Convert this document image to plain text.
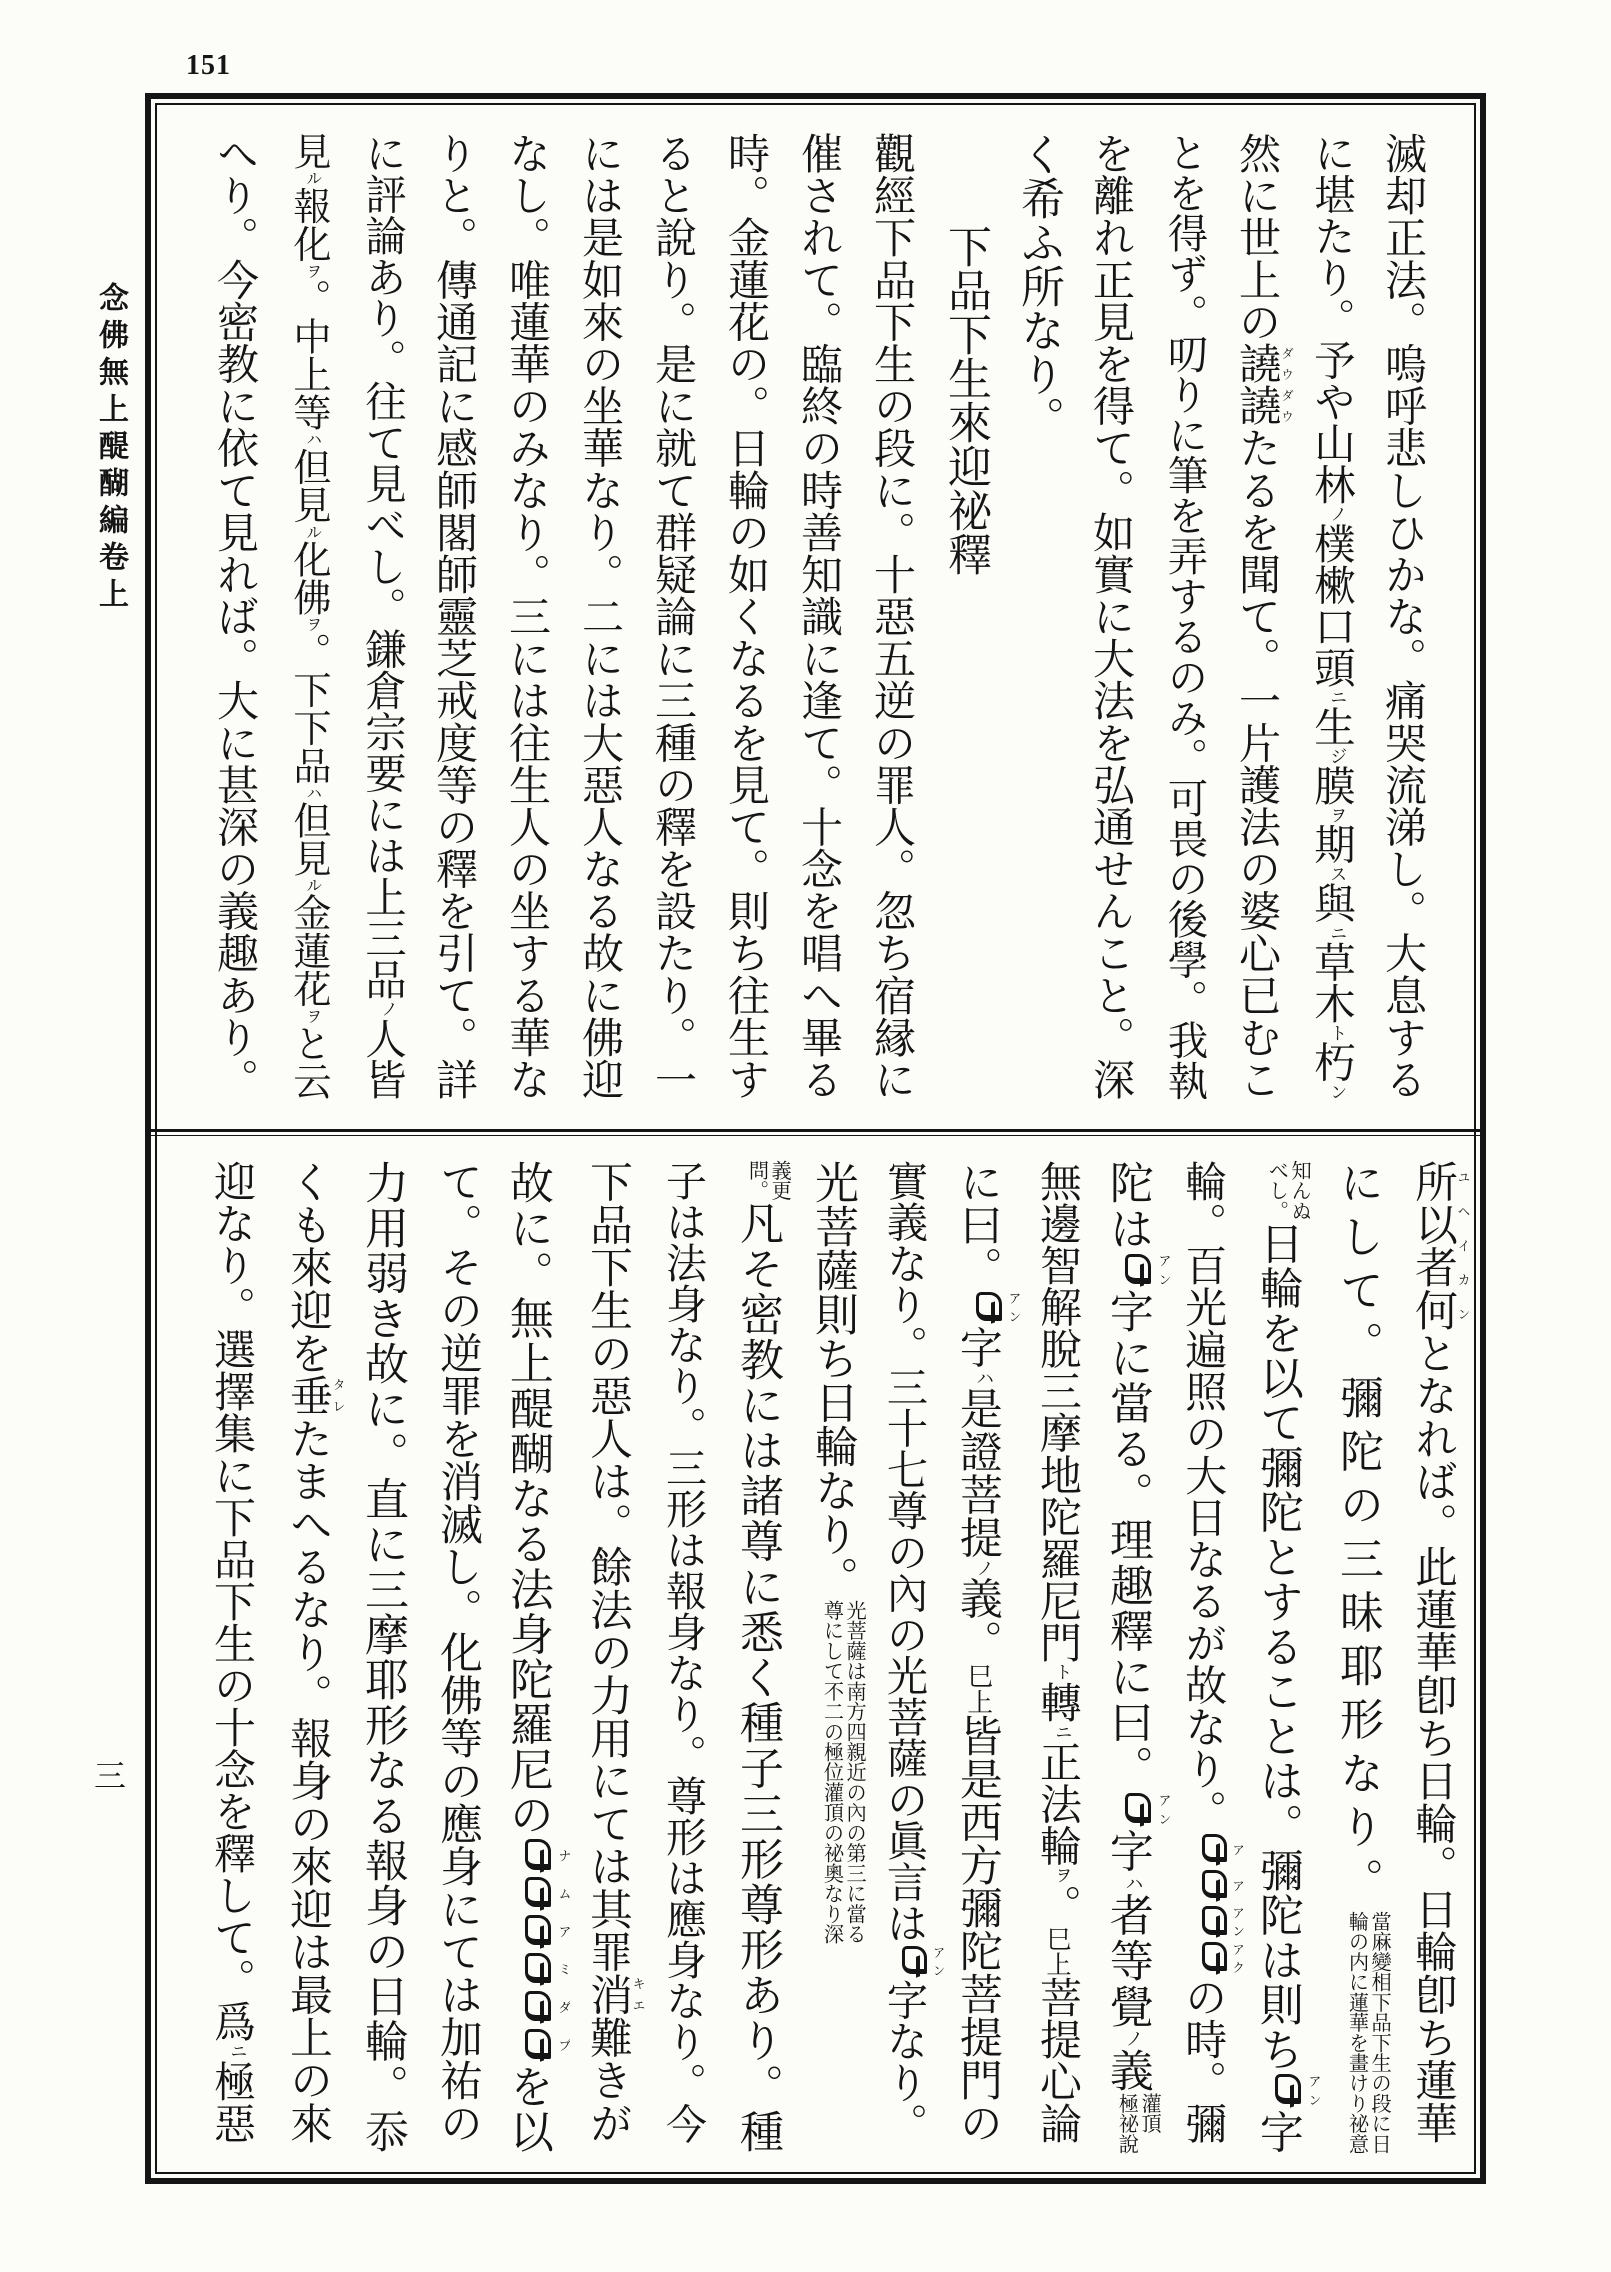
151
念佛無上醍醐編卷上
三
滅却正法。嗚呼悲しひかな。痛哭流涕し。大息する
に堪たり。予や山林ノ樸樕口頭ニ生ジ膜ヲ期ス與ニ草木ト朽ン
然に世上の譊譊ダウダウたるを聞て。一片護法の婆心已むこ
とを得ず。叨りに筆を弄するのみ。可畏の後學。我執
を離れ正見を得て。如實に大法を弘通せんこと。深
く希ふ所なり。
下品下生來迎祕釋
觀經下品下生の段に。十惡五逆の罪人。忽ち宿縁に
催されて。臨終の時善知識に逢て。十念を唱へ畢る
時。金蓮花の。日輪の如くなるを見て。則ち往生す
ると說り。是に就て群疑論に三種の釋を設たり。一
には是如來の坐華なり。二には大惡人なる故に佛迎
なし。唯蓮華のみなり。三には往生人の坐する華な
りと。傳通記に感師閣師靈芝戒度等の釋を引て。詳
に評論あり。往て見べし。鎌倉宗要には上三品ノ人皆
見ル報化ヲ。中上等ハ但見ル化佛ヲ。下下品ハ但見ル金蓮花ヲと云
へり。今密教に依て見れば。大に甚深の義趣あり。
所以者何ユヘイカンとなれば。此蓮華卽ち日輪。日輪卽ち蓮華
にして。彌陀の三昧耶形なり。
當麻變相下品下生の段に日
輪の内に蓮華を畫けり祕意
知んぬ
べし。
日輪を以て彌陀とすることは。彌陀は則ちアン字
輪。百光遍照の大日なるが故なり。アアアンアクの時。彌
陀はアン字に當る。理趣釋に曰。アン字ハ者等覺ノ義
灌頂
極祕說
無邊智解脫三摩地陀羅尼門ト轉ニ正法輪ヲ。巳上菩提心論
に曰。アン字ハ是證菩提ノ義。巳上皆是西方彌陀菩提門の
實義なり。三十七尊の內の光菩薩の眞言はアン字なり。
光菩薩則ち日輪なり。
光菩薩は南方四親近の內の第三に當る
尊にして不二の極位灌頂の祕奧なり深
義更
問。
凡そ密教には諸尊に悉く種子三形尊形あり。種
子は法身なり。三形は報身なり。尊形は應身なり。今
下品下生の惡人は。餘法の力用にては其罪消キエ難きが
故に。無上醍醐なる法身陀羅尼のナムアミダブを以
て。その逆罪を消滅し。化佛等の應身にては加祐の
力用弱き故に。直に三摩耶形なる報身の日輪。忝
くも來迎を垂タレたまへるなり。報身の來迎は最上の來
迎なり。選擇集に下品下生の十念を釋して。爲ニ極惡
